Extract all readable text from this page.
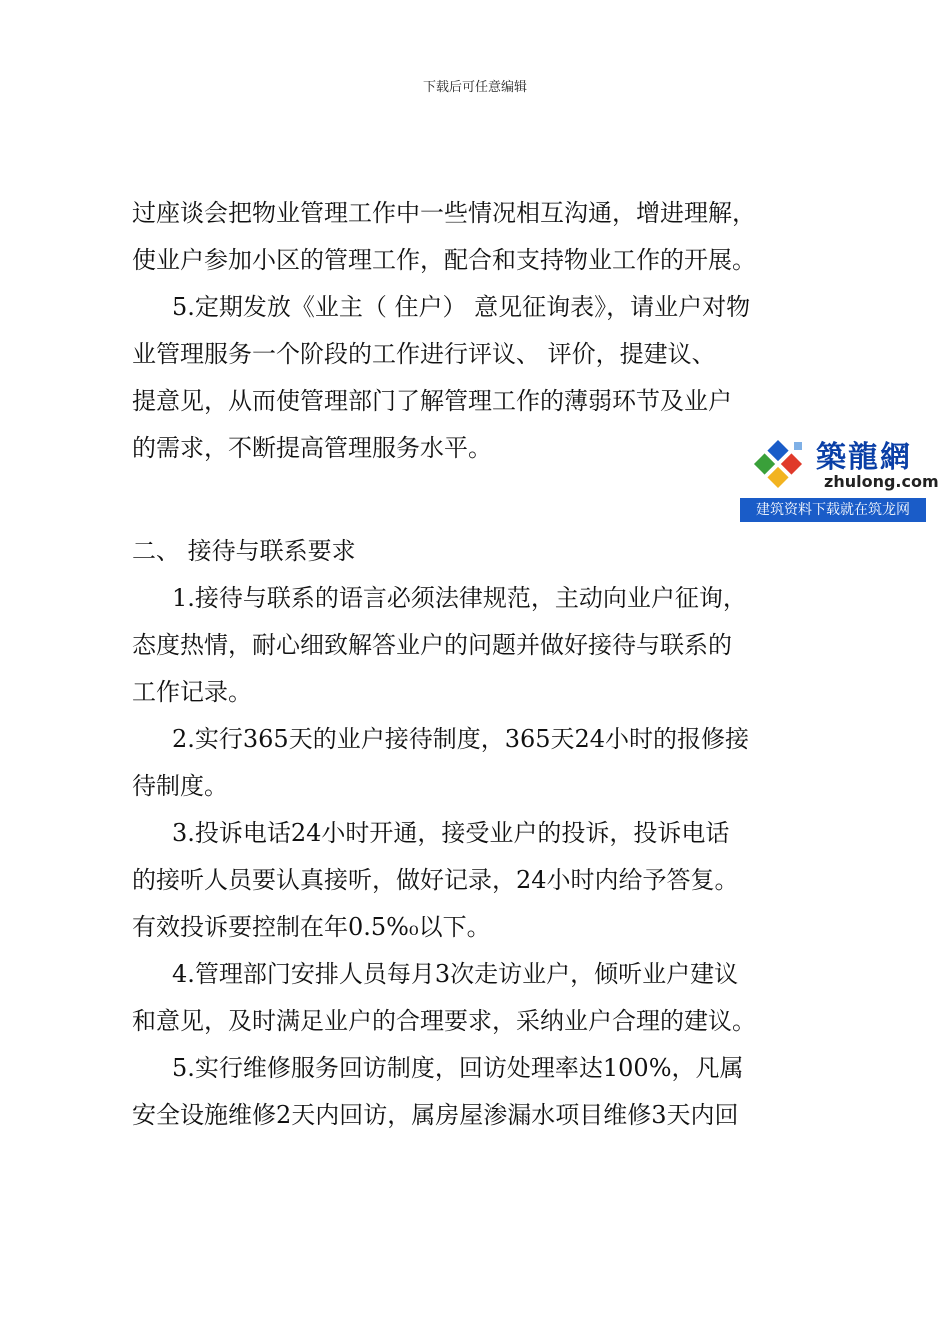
下载后可任意编辑
过座谈会把物业管理工作中一些情况相互沟通，增进理解，
使业户参加小区的管理工作，配合和支持物业工作的开展。
5.定期发放《业主（ 住户） 意见征询表》，请业户对物
业管理服务一个阶段的工作进行评议、 评价，提建议、
提意见，从而使管理部门了解管理工作的薄弱环节及业户
的需求，不断提高管理服务水平。
二、 接待与联系要求
1.接待与联系的语言必须法律规范，主动向业户征询，
态度热情，耐心细致解答业户的问题并做好接待与联系的
工作记录。
2.实行365天的业户接待制度，365天24小时的报修接
待制度。
3.投诉电话24小时开通，接受业户的投诉，投诉电话
的接听人员要认真接听，做好记录，24小时内给予答复。
有效投诉要控制在年0.5%₀以下。
4.管理部门安排人员每月3次走访业户，倾听业户建议
和意见，及时满足业户的合理要求，采纳业户合理的建议。
5.实行维修服务回访制度，回访处理率达100%，凡属
安全设施维修2天内回访，属房屋渗漏水项目维修3天内回
築龍網
zhulong.com
建筑资料下载就在筑龙网
